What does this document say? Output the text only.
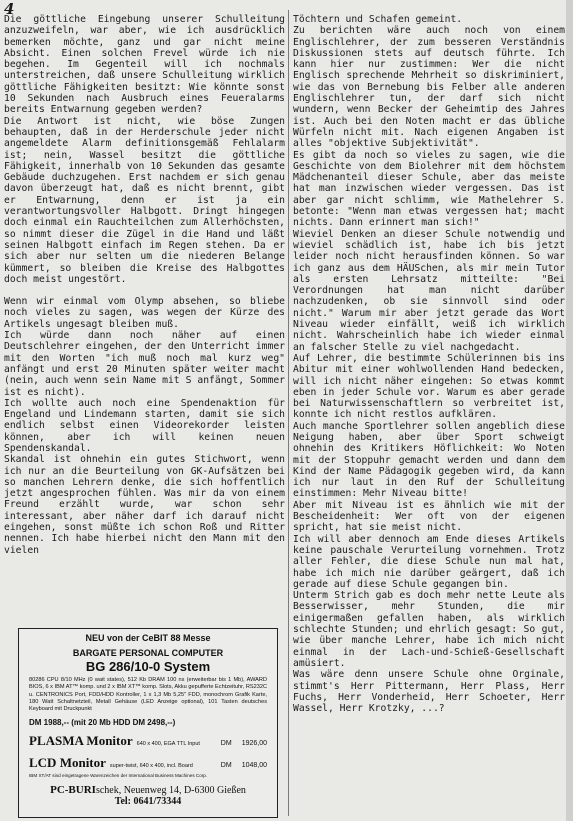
4

Die göttliche Eingebung unserer Schulleitung anzuzweifeln, war aber, wie ich ausdrücklich bemerken möchte, ganz und gar nicht meine Absicht. Einen solchen Frevel würde ich nie begehen. Im Gegenteil will ich nochmals unterstreichen, daß unsere Schulleitung wirklich göttliche Fähigkeiten besitzt: Wie könnte sonst 10 Sekunden nach Ausbruch eines Feueralarms bereits Entwarnung gegeben werden?

Die Antwort ist nicht, wie böse Zungen behaupten, daß in der Herderschule jeder nicht angemeldete Alarm definitionsgemäß Fehlalarm ist; nein, Wassel besitzt die göttliche Fähigkeit, innerhalb von 10 Sekunden das gesamte Gebäude duchzugehen. Erst nachdem er sich genau davon überzeugt hat, daß es nicht brennt, gibt er Entwarnung, denn er ist ja ein verantwortungsvoller Halbgott. Dringt hingegen doch einmal ein Rauchteilchen zum Allerhöchsten, so nimmt dieser die Zügel in die Hand und läßt seinen Halbgott einfach im Regen stehen. Da er sich aber nur selten um die niederen Belange kümmert, so bleiben die Kreise des Halbgottes doch meist ungestört.

Wenn wir einmal vom Olymp absehen, so bliebe noch vieles zu sagen, was wegen der Kürze des Artikels ungesagt bleiben muß.

Ich würde dann noch näher auf einen Deutschlehrer eingehen, der den Unterricht immer mit den Worten "ich muß noch mal kurz weg" anfängt und erst 20 Minuten später weiter macht (nein, auch wenn sein Name mit S anfängt, Sommer ist es nicht).

Ich wollte auch noch eine Spendenaktion für Engeland und Lindemann starten, damit sie sich endlich selbst einen Videorekorder leisten können, aber ich will keinen neuen Spendenskandal.

Skandal ist ohnehin ein gutes Stichwort, wenn ich nur an die Beurteilung von GK-Aufsätzen bei so manchen Lehrern denke, die sich hoffentlich jetzt angesprochen fühlen. Was mir da von einem Freund erzählt wurde, war schon sehr interessant, aber näher darf ich darauf nicht eingehen, sonst müßte ich schon Roß und Ritter nennen. Ich habe hierbei nicht den Mann mit den vielen

Töchtern und Schafen gemeint.

Zu berichten wäre auch noch von einem Englischlehrer, der zum besseren Verständnis Diskussionen stets auf deutsch führte. Ich kann hier nur zustimmen: Wer die nicht Englisch sprechende Mehrheit so diskriminiert, wie das von Bernebung bis Felber alle anderen Englischlehrer tun, der darf sich nicht wundern, wenn Becker der Geheimtip des Jahres ist. Auch bei den Noten macht er das übliche Würfeln nicht mit. Nach eigenen Angaben ist alles "objektive Subjektivität".

Es gibt da noch so vieles zu sagen, wie die Geschichte von dem Biolehrer mit dem höchstem Mädchenanteil dieser Schule, aber das meiste hat man inzwischen wieder vergessen. Das ist aber gar nicht schlimm, wie Mathelehrer S. betonte: "Wenn man etwas vergessen hat; macht nichts. Dann erinnert man sich!"

Wieviel Denken an dieser Schule notwendig und wieviel schädlich ist, habe ich bis jetzt leider noch nicht herausfinden können. So war ich ganz aus dem HÄUSchen, als mir mein Tutor als ersten Lehrsatz mitteilte: "Bei Verordnungen hat man nicht darüber nachzudenken, ob sie sinnvoll sind oder nicht." Warum mir aber jetzt gerade das Wort Niveau wieder einfällt, weiß ich wirklich nicht. Wahrscheinlich habe ich wieder einmal an falscher Stelle zu viel nachgedacht.

Auf Lehrer, die bestimmte Schülerinnen bis ins Abitur mit einer wohlwollenden Hand bedecken, will ich nicht näher eingehen: So etwas kommt eben in jeder Schule vor. Warum es aber gerade bei Naturwissenschaftlern so verbreitet ist, konnte ich nicht restlos aufklären.

Auch manche Sportlehrer sollen angeblich diese Neigung haben, aber über Sport schweigt ohnehin des Kritikers Höflichkeit: Wo Noten mit der Stoppuhr gemacht werden und dann dem Kind der Name Pädagogik gegeben wird, da kann ich nur laut in den Ruf der Schulleitung einstimmen: Mehr Niveau bitte!

Aber mit Niveau ist es ähnlich wie mit der Bescheidenheit: Wer oft von der eigenen spricht, hat sie meist nicht.

Ich will aber dennoch am Ende dieses Artikels keine pauschale Verurteilung vornehmen. Trotz aller Fehler, die diese Schule nun mal hat, habe ich mich nie darüber geärgert, daß ich gerade auf diese Schule gegangen bin.

Unterm Strich gab es doch mehr nette Leute als Besserwisser, mehr Stunden, die mir einigermaßen gefallen haben, als wirklich schlechte Stunden; und ehrlich gesagt: So gut, wie über manche Lehrer, habe ich mich nicht einmal in der Lach-und-Schieß-Gesellschaft amüsiert.

Was wäre denn unsere Schule ohne Orginale, stimmt's Herr Pittermann, Herr Plass, Herr Fuchs, Herr Vonderheid, Herr Schoeter, Herr Wassel, Herr Krotzky, ...?

NEU von der CeBIT 88 Messe
BARGATE PERSONAL COMPUTER
BG 286/10-0 System
80286 CPU 8/10 MHz (0 wait states), 512 Kb DRAM 100 ns (erweiterbar bis 1 Mb), AWARD BIOS, 6 x IBM AT™ komp. und 2 x IBM XT™ komp. Slots, Akku gepufferte Echtzeituhr, RS232C u. CENTRONICS Port, FDD/HDD Kontroller, 1 x 1,3 Mb 5,25" FDD, monochrom Grafik Karte, 180 Watt Schaltnetzteil, Metall Gehäuse (LED Anzeige optional), 101 Tasten deutsches Keyboard mit Druckpunkt
DM 1988,-- (mit 20 Mb HDD DM 2498,--)
PLASMA Monitor 640 x 400, EGA TTL Input	DM 1926,00
LCD Monitor super-twist, 640 x 400, incl. Board	DM 1048,00
IBM XT/AT sind eingetragene Warenzeichen der International Business Machines Corp.
PC-BURIschek, Neuenweg 14, D-6300 Gießen
Tel: 0641/73344
